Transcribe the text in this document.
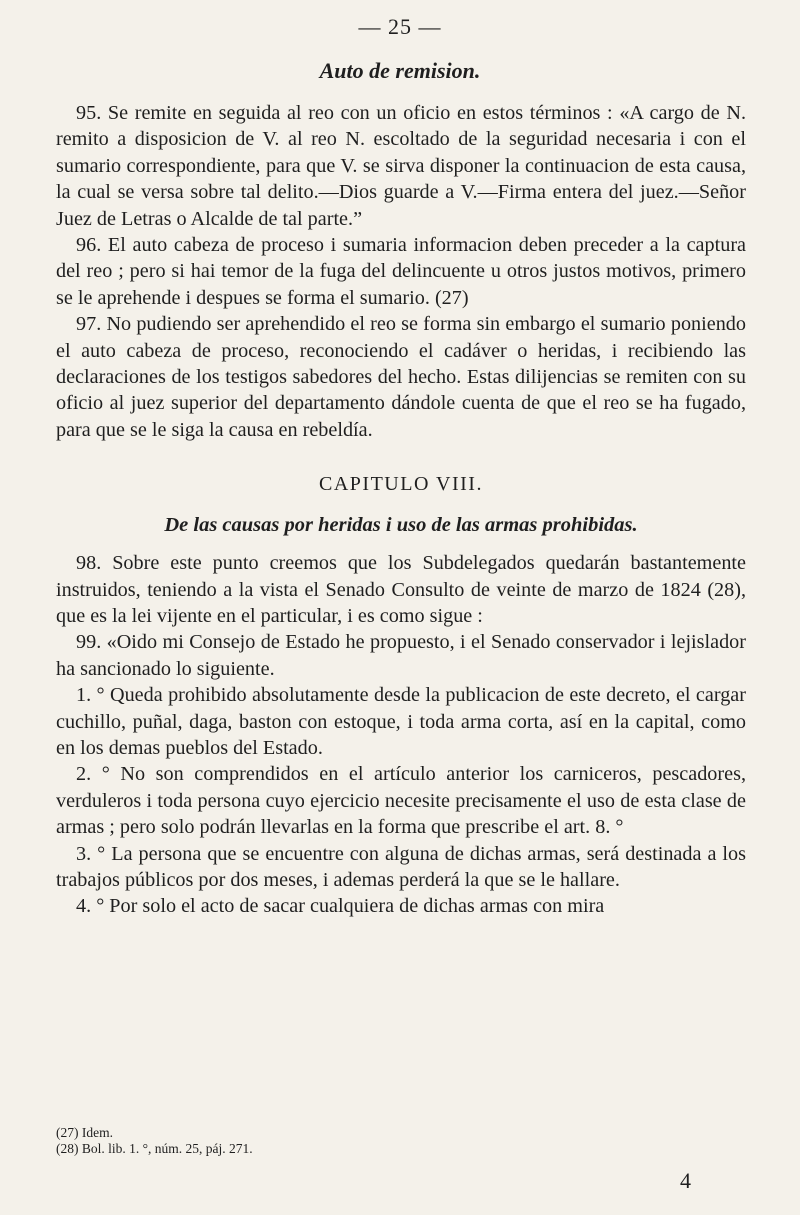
— 25 —
Auto de remision.

95. Se remite en seguida al reo con un oficio en estos términos : «A cargo de N. remito a disposicion de V. al reo N. escoltado de la seguridad necesaria i con el sumario correspondiente, para que V. se sirva disponer la continuacion de esta causa, la cual se versa sobre tal delito.—Dios guarde a V.—Firma entera del juez.—Señor Juez de Letras o Alcalde de tal parte.”

96. El auto cabeza de proceso i sumaria informacion deben preceder a la captura del reo ; pero si hai temor de la fuga del delincuente u otros justos motivos, primero se le aprehende i despues se forma el sumario. (27)

97. No pudiendo ser aprehendido el reo se forma sin embargo el sumario poniendo el auto cabeza de proceso, reconociendo el cadáver o heridas, i recibiendo las declaraciones de los testigos sabedores del hecho. Estas dilijencias se remiten con su oficio al juez superior del departamento dándole cuenta de que el reo se ha fugado, para que se le siga la causa en rebeldía.

CAPITULO VIII.
De las causas por heridas i uso de las armas prohibidas.

98. Sobre este punto creemos que los Subdelegados quedarán bastantemente instruidos, teniendo a la vista el Senado Consulto de veinte de marzo de 1824 (28), que es la lei vijente en el particular, i es como sigue :

99. «Oido mi Consejo de Estado he propuesto, i el Senado conservador i lejislador ha sancionado lo siguiente.

1. ° Queda prohibido absolutamente desde la publicacion de este decreto, el cargar cuchillo, puñal, daga, baston con estoque, i toda arma corta, así en la capital, como en los demas pueblos del Estado.

2. ° No son comprendidos en el artículo anterior los carniceros, pescadores, verduleros i toda persona cuyo ejercicio necesite precisamente el uso de esta clase de armas ; pero solo podrán llevarlas en la forma que prescribe el art. 8. °

3. ° La persona que se encuentre con alguna de dichas armas, será destinada a los trabajos públicos por dos meses, i ademas perderá la que se le hallare.

4. ° Por solo el acto de sacar cualquiera de dichas armas con mira

(27) Idem.
(28) Bol. lib. 1. °, núm. 25, páj. 271.
4
